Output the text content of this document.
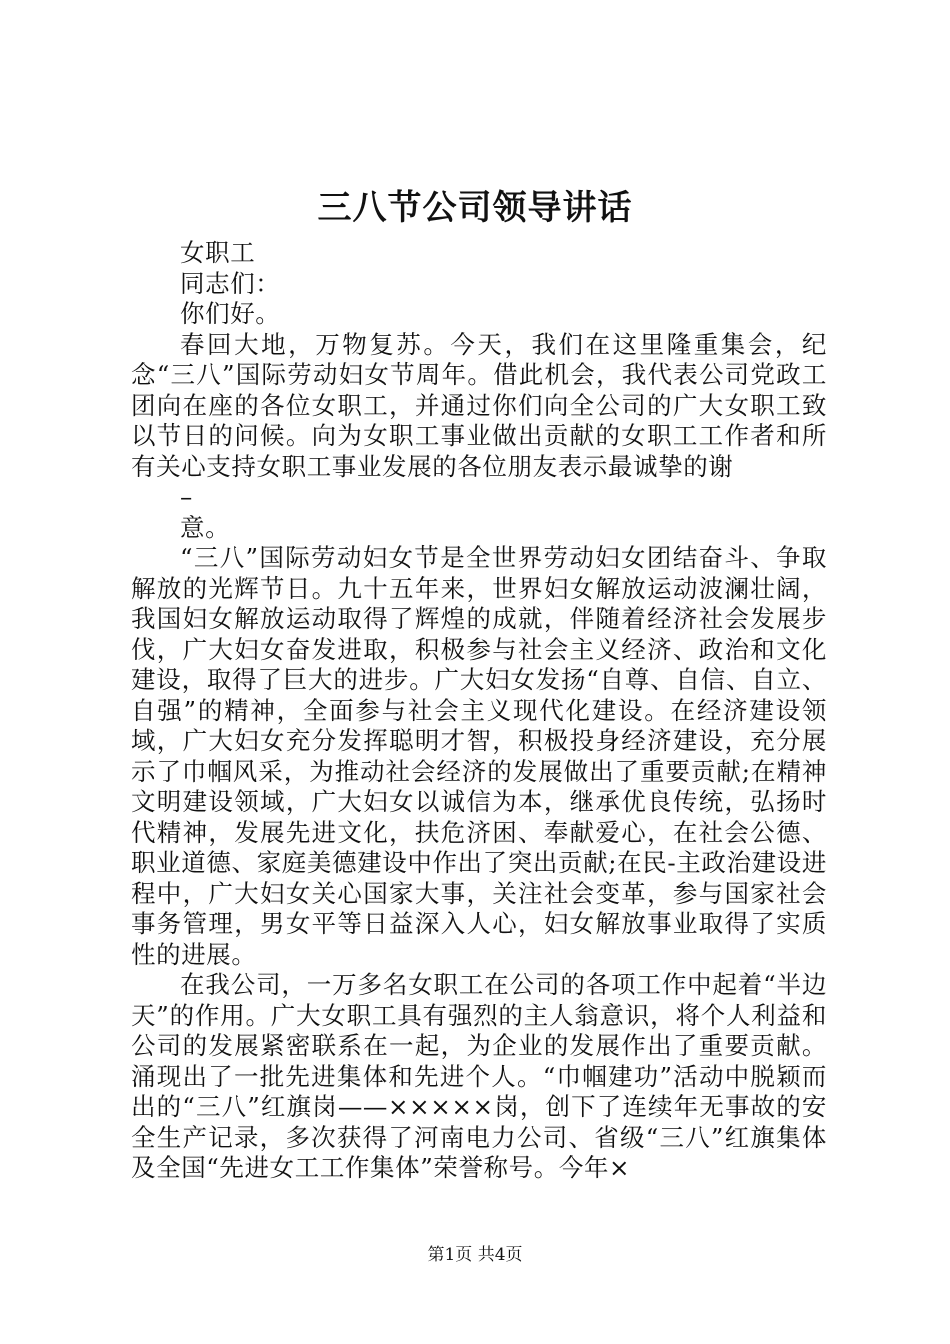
三八节公司领导讲话

女职工

同志们：

你们好。

春回大地，万物复苏。今天，我们在这里隆重集会，纪念“三八”国际劳动妇女节周年。借此机会，我代表公司党政工团向在座的各位女职工，并通过你们向全公司的广大女职工致以节日的问候。向为女职工事业做出贡献的女职工工作者和所有关心支持女职工事业发展的各位朋友表示最诚挚的谢

–

意。

“三八”国际劳动妇女节是全世界劳动妇女团结奋斗、争取解放的光辉节日。九十五年来，世界妇女解放运动波澜壮阔，我国妇女解放运动取得了辉煌的成就，伴随着经济社会发展步伐，广大妇女奋发进取，积极参与社会主义经济、政治和文化建设，取得了巨大的进步。广大妇女发扬“自尊、自信、自立、自强”的精神，全面参与社会主义现代化建设。在经济建设领域，广大妇女充分发挥聪明才智，积极投身经济建设，充分展示了巾帼风采，为推动社会经济的发展做出了重要贡献;在精神文明建设领域，广大妇女以诚信为本，继承优良传统，弘扬时代精神，发展先进文化，扶危济困、奉献爱心，在社会公德、职业道德、家庭美德建设中作出了突出贡献;在民-主政治建设进程中，广大妇女关心国家大事，关注社会变革，参与国家社会事务管理，男女平等日益深入人心，妇女解放事业取得了实质性的进展。

在我公司，一万多名女职工在公司的各项工作中起着“半边天”的作用。广大女职工具有强烈的主人翁意识，将个人利益和公司的发展紧密联系在一起，为企业的发展作出了重要贡献。涌现出了一批先进集体和先进个人。“巾帼建功”活动中脱颖而出的“三八”红旗岗——×××××岗，创下了连续年无事故的安全生产记录，多次获得了河南电力公司、省级“三八”红旗集体及全国“先进女工工作集体”荣誉称号。今年×

第1页 共4页
